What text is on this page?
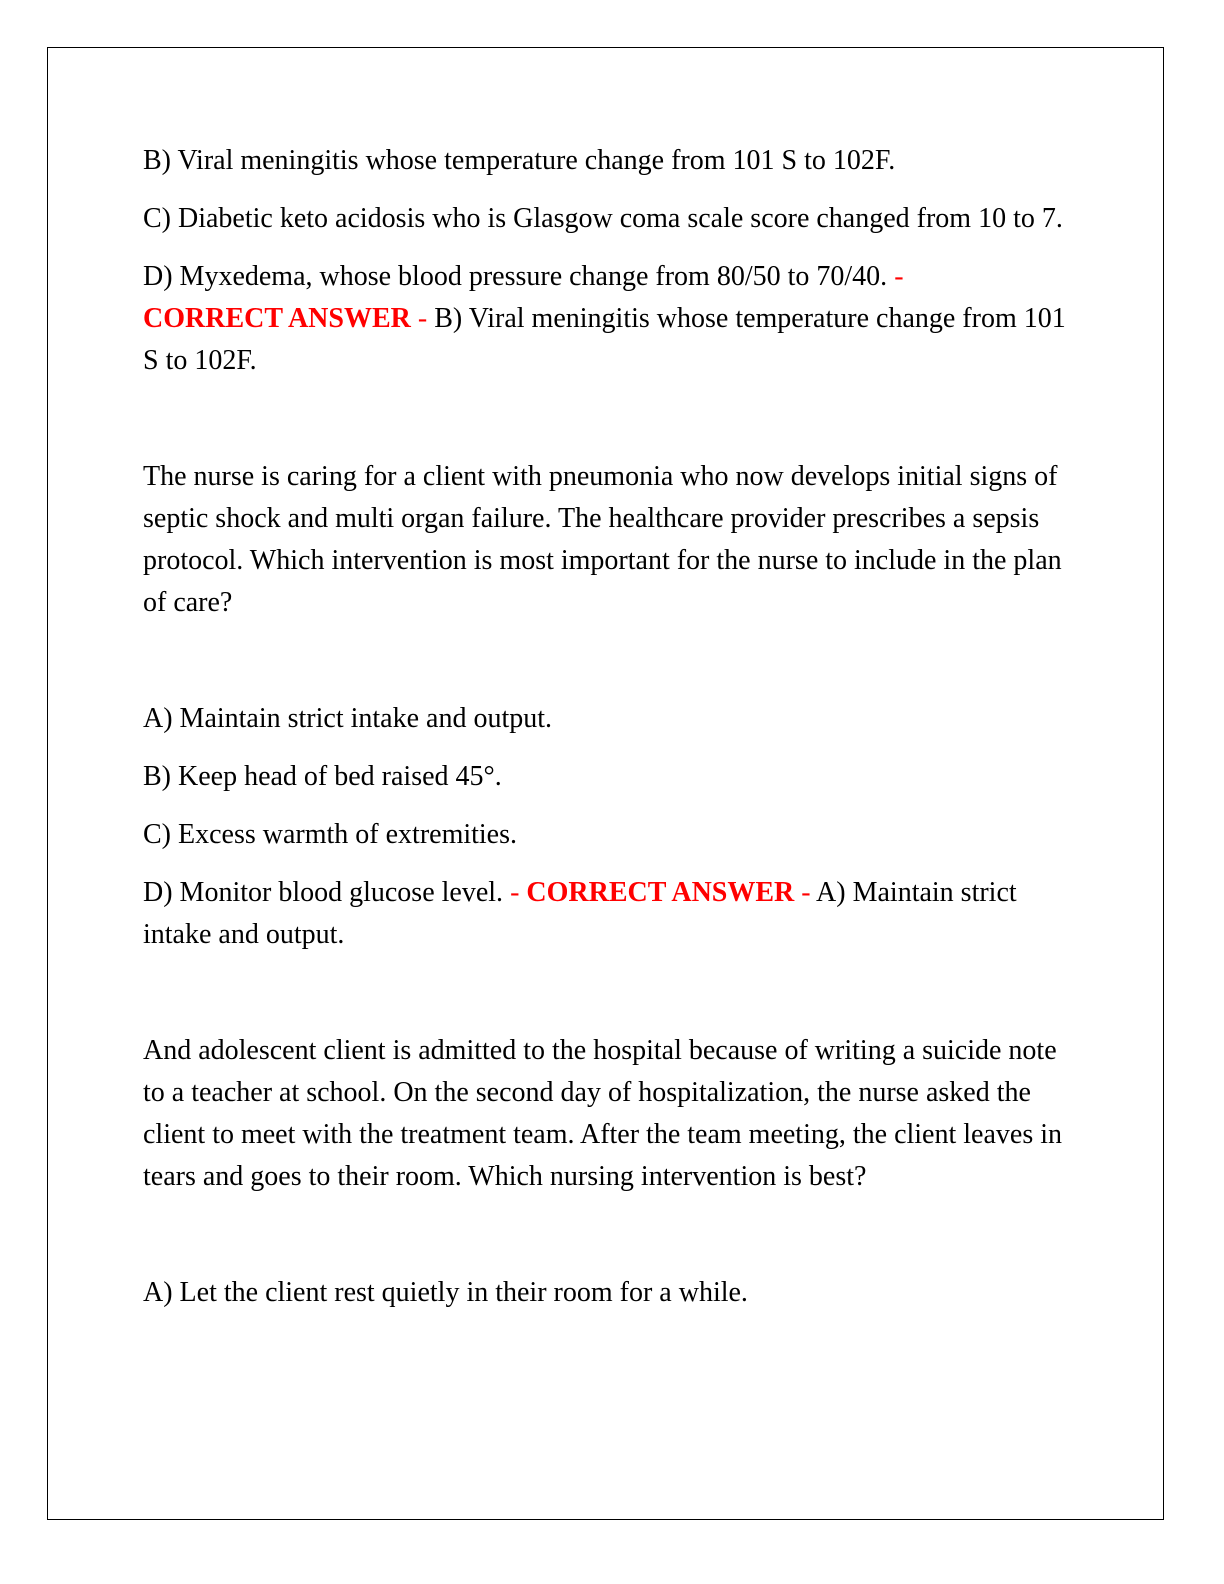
B) Viral meningitis whose temperature change from 101 S to 102F.

C) Diabetic keto acidosis who is Glasgow coma scale score changed from 10 to 7.

D) Myxedema, whose blood pressure change from 80/50 to 70/40. -
CORRECT ANSWER - B) Viral meningitis whose temperature change from 101 S to 102F.

The nurse is caring for a client with pneumonia who now develops initial signs of septic shock and multi organ failure. The healthcare provider prescribes a sepsis protocol. Which intervention is most important for the nurse to include in the plan of care?

A) Maintain strict intake and output.

B) Keep head of bed raised 45°.

C) Excess warmth of extremities.

D) Monitor blood glucose level. - CORRECT ANSWER - A) Maintain strict intake and output.

And adolescent client is admitted to the hospital because of writing a suicide note to a teacher at school. On the second day of hospitalization, the nurse asked the client to meet with the treatment team. After the team meeting, the client leaves in tears and goes to their room. Which nursing intervention is best?

A) Let the client rest quietly in their room for a while.
